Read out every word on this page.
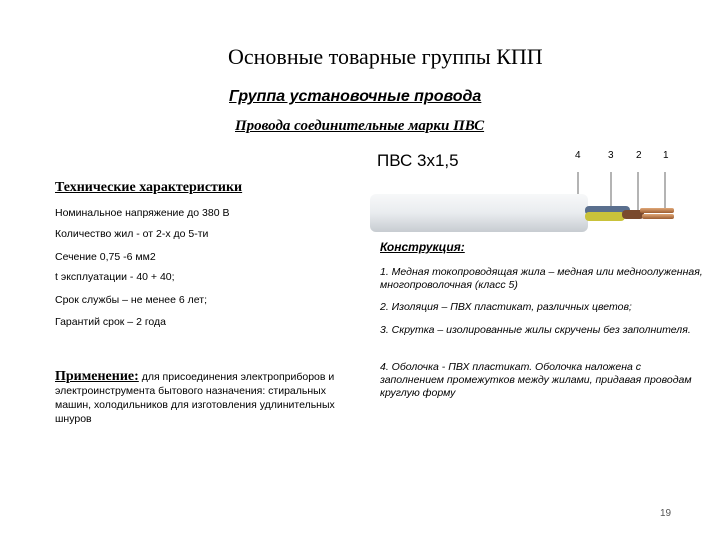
Основные товарные группы КПП
Группа установочные провода
Провода соединительные марки ПВС
ПВС 3х1,5	4	3 2 1
Технические характеристики
Номинальное напряжение до 380 В
Количество жил - от 2-х до 5-ти
Сечение 0,75 -6 мм2
t эксплуатации - 40 + 40;
Срок службы – не менее 6 лет;
Гарантий срок – 2 года
Применение: для присоединения электроприборов и электроинструмента бытового назначения: стиральных машин, холодильников для изготовления удлинительных шнуров
Конструкция:
1. Медная токопроводящая жила – медная или медноолуженная, многопроволочная (класс 5)
2. Изоляция – ПВХ пластикат, различных цветов;
3. Скрутка – изолированные жилы скручены без заполнителя.
4. Оболочка - ПВХ пластикат. Оболочка наложена с заполнением промежутков между жилами, придавая проводам круглую форму
19
